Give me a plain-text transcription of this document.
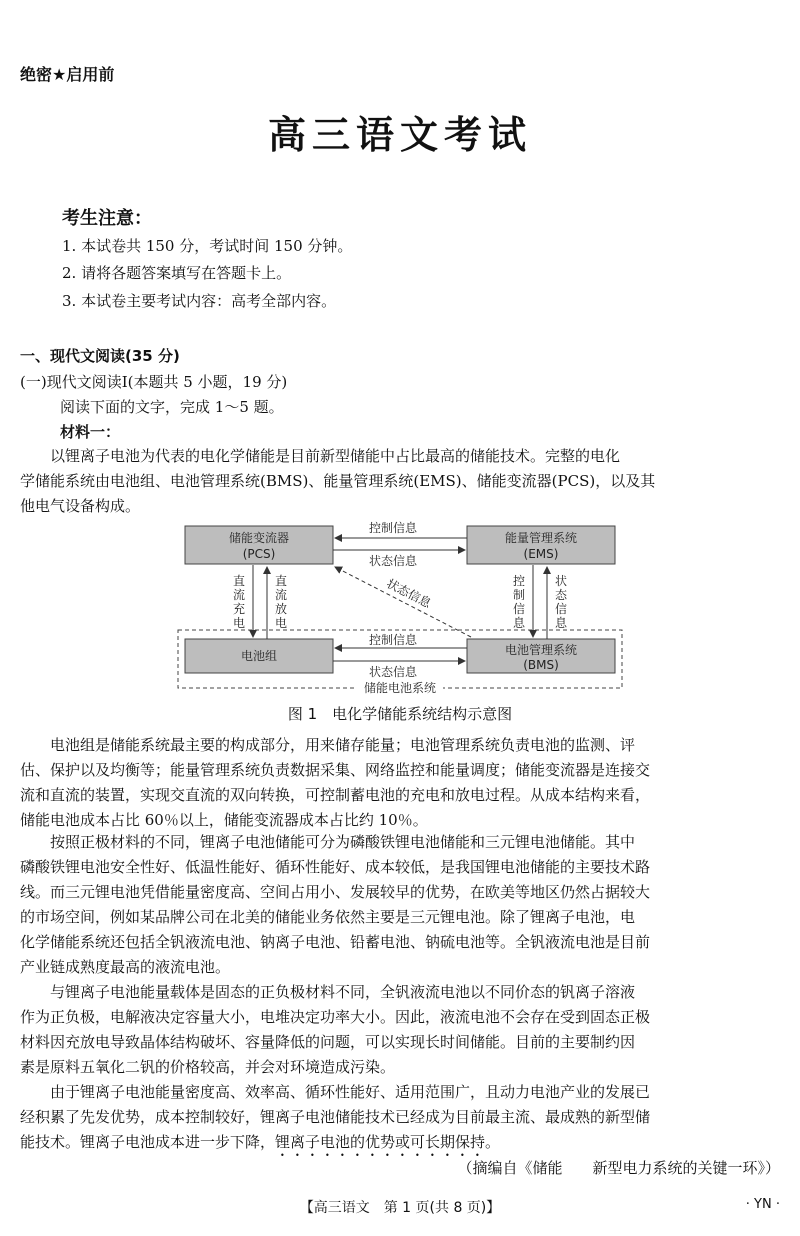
绝密★启用前
高三语文考试
考生注意：
1. 本试卷共 150 分，考试时间 150 分钟。
2. 请将各题答案填写在答题卡上。
3. 本试卷主要考试内容：高考全部内容。
一、现代文阅读(35 分)
(一)现代文阅读Ⅰ(本题共 5 小题，19 分)
阅读下面的文字，完成 1～5 题。
材料一：
以锂离子电池为代表的电化学储能是目前新型储能中占比最高的储能技术。完整的电化
学储能系统由电池组、电池管理系统(BMS)、能量管理系统(EMS)、储能变流器(PCS)，以及其
他电气设备构成。
储能变流器
(PCS)
能量管理系统
(EMS)
电池组	电池管理系统
(BMS)
控制信息
状态信息
控制信息
状态信息
直
流
充
电
直
流
放
电
控
制
信
息
状
态
信
息
状态信息
储能电池系统
图 1　电化学储能系统结构示意图
电池组是储能系统最主要的构成部分，用来储存能量；电池管理系统负责电池的监测、评
估、保护以及均衡等；能量管理系统负责数据采集、网络监控和能量调度；储能变流器是连接交
流和直流的装置，实现交直流的双向转换，可控制蓄电池的充电和放电过程。从成本结构来看，
储能电池成本占比 60％以上，储能变流器成本占比约 10％。
按照正极材料的不同，锂离子电池储能可分为磷酸铁锂电池储能和三元锂电池储能。其中
磷酸铁锂电池安全性好、低温性能好、循环性能好、成本较低，是我国锂电池储能的主要技术路
线。而三元锂电池凭借能量密度高、空间占用小、发展较早的优势，在欧美等地区仍然占据较大
的市场空间，例如某品牌公司在北美的储能业务依然主要是三元锂电池。除了锂离子电池，电
化学储能系统还包括全钒液流电池、钠离子电池、铅蓄电池、钠硫电池等。全钒液流电池是目前
产业链成熟度最高的液流电池。
与锂离子电池能量载体是固态的正负极材料不同，全钒液流电池以不同价态的钒离子溶液
作为正负极，电解液决定容量大小，电堆决定功率大小。因此，液流电池不会存在受到固态正极
材料因充放电导致晶体结构破坏、容量降低的问题，可以实现长时间储能。目前的主要制约因
素是原料五氧化二钒的价格较高，并会对环境造成污染。
由于锂离子电池能量密度高、效率高、循环性能好、适用范围广，且动力电池产业的发展已
经积累了先发优势，成本控制较好，锂离子电池储能技术已经成为目前最主流、最成熟的新型储
能技术。锂离子电池成本进一步下降，锂离子电池的优势或可长期保持。
（摘编自《储能　　新型电力系统的关键一环》）
【高三语文　第 1 页(共 8 页)】	· YN ·
